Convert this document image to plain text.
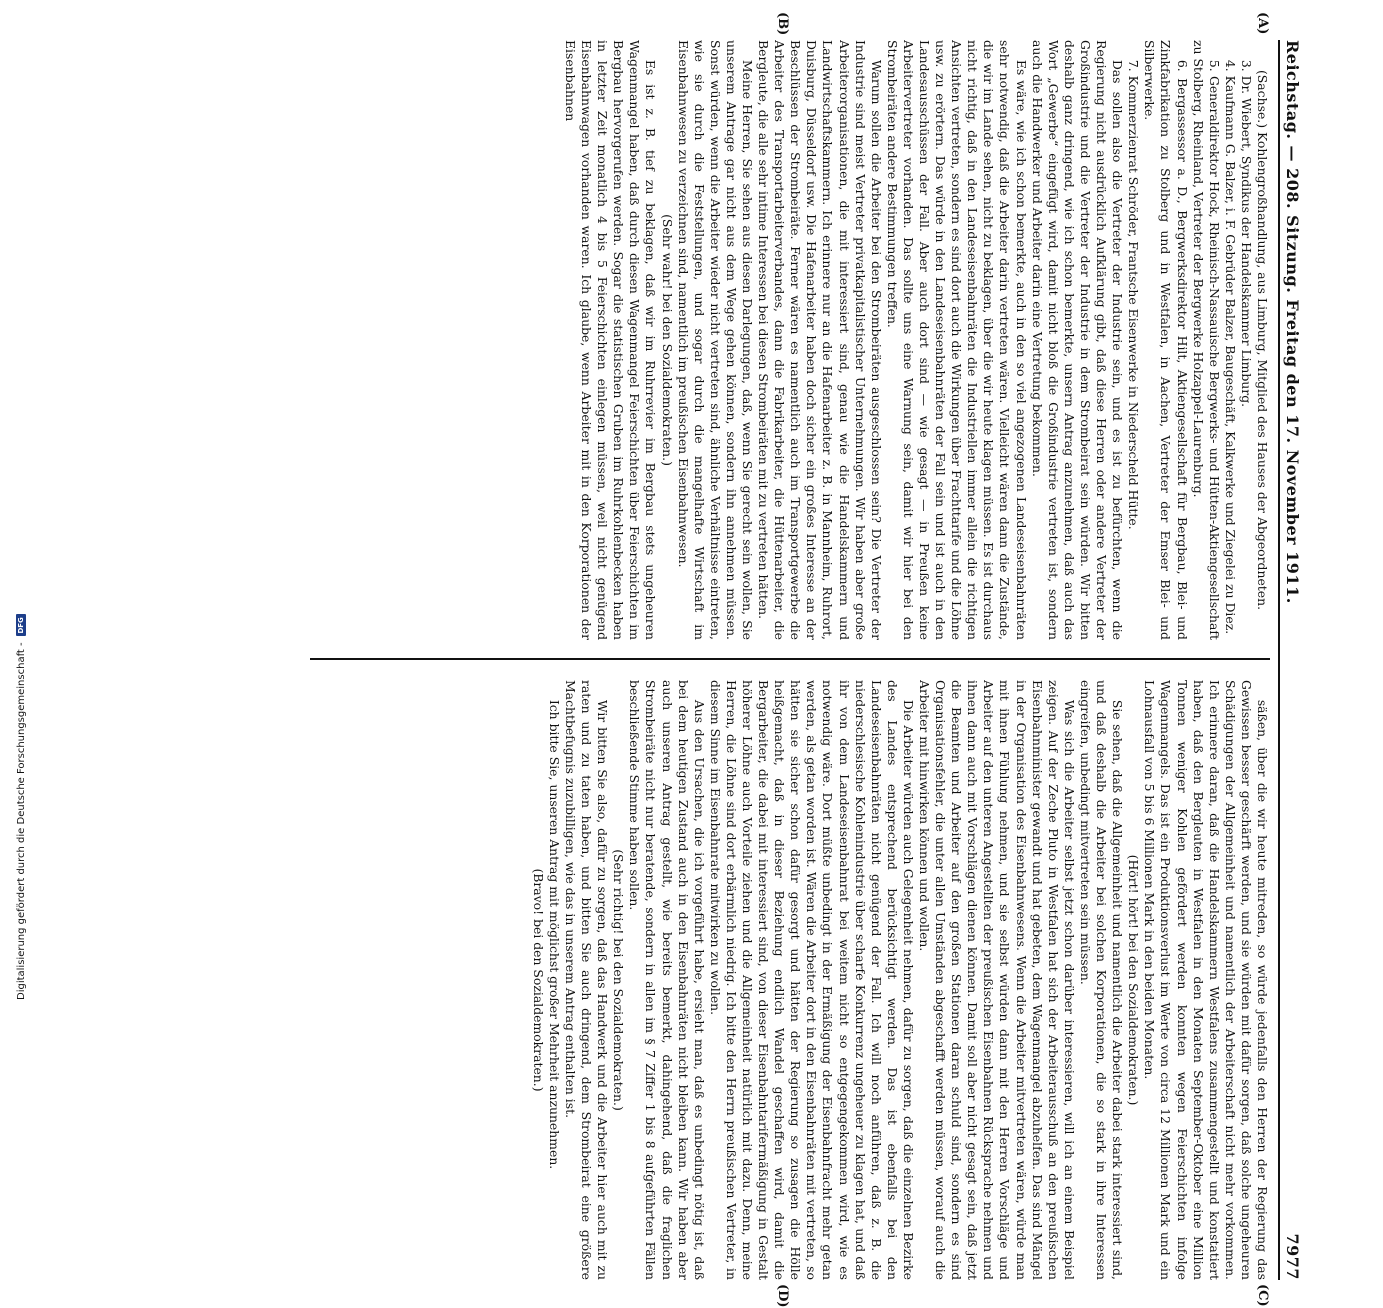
Reichstag. — 208. Sitzung. Freitag den 17. November 1911.
7977

(Sachse.) Kohlengroßhandlung, aus Limburg, Mitglied des Hauses der Abgeordneten.

3. Dr. Wiebert, Syndikus der Handelskammer Limburg.

4. Kaufmann G. Balzer, i. F. Gebrüder Balzer, Baugeschäft, Kalkwerke und Ziegelei zu Diez.

5. Generaldirektor Hock, Rheinisch-Nassauische Bergwerks- und Hütten-Aktiengesellschaft zu Stolberg, Rheinland, Vertreter der Bergwerke Holzappel-Laurenburg.

6. Bergassessor a. D., Bergwerksdirektor Hilt, Aktiengesellschaft für Bergbau, Blei- und Zinkfabrikation zu Stolberg und in Westfalen, in Aachen, Vertreter der Emser Blei- und Silberwerke.

7. Kommerzienrat Schröder, Frantsche Eisenwerke in Niederscheld Hütte.

Das sollen also die Vertreter der Industrie sein, und es ist zu befürchten, wenn die Regierung nicht ausdrücklich Aufklärung gibt, daß diese Herren oder andere Vertreter der Großindustrie und die Vertreter der Industrie in dem Strombeirat sein würden. Wir bitten deshalb ganz dringend, wie ich schon bemerkte, unsern Antrag anzunehmen, daß auch das Wort „Gewerbe“ eingefügt wird, damit nicht bloß die Großindustrie vertreten ist, sondern auch die Handwerker und Arbeiter darin eine Vertretung bekommen.

Es wäre, wie ich schon bemerkte, auch in den so viel angezogenen Landeseisenbahnräten sehr notwendig, daß die Arbeiter darin vertreten wären. Vielleicht wären dann die Zustände, die wir im Lande sehen, nicht zu beklagen, über die wir heute klagen müssen. Es ist durchaus nicht richtig, daß in den Landeseisenbahnräten die Industriellen immer allein die richtigen Ansichten vertreten, sondern es sind dort auch die Wirkungen über Frachttarife und die Löhne usw. zu erörtern. Das würde in den Landeseisenbahnräten der Fall sein und ist auch in den Landesausschüssen der Fall. Aber auch dort sind — wie gesagt — in Preußen keine Arbeitervertreter vorhanden. Das sollte uns eine Warnung sein, damit wir hier bei den Strombeiräten andere Bestimmungen treffen.

Warum sollen die Arbeiter bei den Strombeiräten ausgeschlossen sein? Die Vertreter der Industrie sind meist Vertreter privatkapitalistischer Unternehmungen. Wir haben aber große Arbeiterorganisationen, die mit interessiert sind, genau wie die Handelskammern und Landwirtschaftskammern. Ich erinnere nur an die Hafenarbeiter z. B. in Mannheim, Ruhrort, Duisburg, Düsseldorf usw. Die Hafenarbeiter haben doch sicher ein großes Interesse an der Beschlüssen der Strombeiräte. Ferner wären es namentlich auch im Transportgewerbe die Arbeiter des Transportarbeiterverbandes, dann die Fabrikarbeiter, die Hüttenarbeiter, die Bergleute, die alle sehr intime Interessen bei diesen Strombeiräten mit zu vertreten hätten.

Meine Herren, Sie sehen aus diesen Darlegungen, daß, wenn Sie gerecht sein wollen, Sie unserem Antrage gar nicht aus dem Wege gehen können, sondern ihn annehmen müssen. Sonst würden, wenn die Arbeiter wieder nicht vertreten sind, ähnliche Verhältnisse eintreten, wie sie durch die Feststellungen, und sogar durch die mangelhafte Wirtschaft im Eisenbahnwesen zu verzeichnen sind, namentlich im preußischen Eisenbahnwesen.

(Sehr wahr! bei den Sozialdemokraten.)

Es ist z. B. tief zu beklagen, daß wir im Ruhrrevier im Bergbau stets ungeheuren Wagenmangel haben, daß durch diesen Wagenmangel Feierschichten über Feierschichten im Bergbau hervorgerufen werden. Sogar die statistischen Gruben im Ruhrkohlenbecken haben in letzter Zeit monatlich 4 bis 5 Feierschichten einlegen müssen, weil nicht genügend Eisenbahnwagen vorhanden waren. Ich glaube, wenn Arbeiter mit in den Korporationen der Eisenbahnen

säßen, über die wir heute mitreden, so würde jedenfalls den Herren der Regierung das Gewissen besser geschärft werden, und sie würden mit dafür sorgen, daß solche ungeheuren Schädigungen der Allgemeinheit und namentlich der Arbeiterschaft nicht mehr vorkommen. Ich erinnere daran, daß die Handelskammern Westfalens zusammengestellt und konstatiert haben, daß den Bergleuten in Westfalen in den Monaten September-Oktober eine Million Tonnen weniger Kohlen gefördert werden konnten wegen Feierschichten infolge Wagenmangels. Das ist ein Produktionsverlust im Werte von circa 12 Millionen Mark und ein Lohnausfall von 5 bis 6 Millionen Mark in den beiden Monaten.

(Hört! hört! bei den Sozialdemokraten.)

Sie sehen, daß die Allgemeinheit und namentlich die Arbeiter dabei stark interessiert sind, und daß deshalb die Arbeiter bei solchen Korporationen, die so stark in ihre Interessen eingreifen, unbedingt mitvertreten sein müssen.

Was sich die Arbeiter selbst jetzt schon darüber interessieren, will ich an einem Beispiel zeigen. Auf der Zeche Pluto in Westfalen hat sich der Arbeiterausschuß an den preußischen Eisenbahnminister gewandt und hat gebeten, dem Wagenmangel abzuhelfen. Das sind Mängel in der Organisation des Eisenbahnwesens. Wenn die Arbeiter mitvertreten wären, würde man mit ihnen Fühlung nehmen, und sie selbst würden dann mit den Herren Vorschläge und Arbeiter auf den unteren Angestellten der preußischen Eisenbahnen Rücksprache nehmen und ihnen dann auch mit Vorschlägen dienen können. Damit soll aber nicht gesagt sein, daß jetzt die Beamten und Arbeiter auf den großen Stationen daran schuld sind, sondern es sind Organisationsfehler, die unter allen Umständen abgeschafft werden müssen, worauf auch die Arbeiter mit hinwirken können und wollen.

Die Arbeiter würden auch Gelegenheit nehmen, dafür zu sorgen, daß die einzelnen Bezirke des Landes entsprechend berücksichtigt werden. Das ist ebenfalls bei den Landeseisenbahnräten nicht genügend der Fall. Ich will noch anführen, daß z. B. die niederschlesische Kohlenindustrie über scharfe Konkurrenz ungeheuer zu klagen hat, und daß ihr von dem Landeseisenbahnrat bei weitem nicht so entgegengekommen wird, wie es notwendig wäre. Dort müßte unbedingt in der Ermäßigung der Eisenbahnfracht mehr getan werden, als getan worden ist. Wären die Arbeiter dort in den Eisenbahnräten mit vertreten, so hätten sie sicher schon dafür gesorgt und hätten der Regierung so zusagen die Hölle heißgemacht, daß in dieser Beziehung endlich Wandel geschaffen wird, damit die Bergarbeiter, die dabei mit interessiert sind, von dieser Eisenbahntarifermäßigung in Gestalt höherer Löhne auch Vorteile ziehen und die Allgemeinheit natürlich mit dazu. Denn, meine Herren, die Löhne sind dort erbärmlich niedrig. Ich bitte den Herrn preußischen Vertreter, in diesem Sinne im Eisenbahnrate mitwirken zu wollen.

Aus den Ursachen, die ich vorgeführt habe, ersieht man, daß es unbedingt nötig ist, daß bei dem heutigen Zustand auch in den Eisenbahnräten nicht bleiben kann. Wir haben aber auch unseren Antrag gestellt, wie bereits bemerkt, dahingehend, daß die fraglichen Strombeiräte nicht nur beratende, sondern in allen im § 7 Ziffer 1 bis 8 aufgeführten Fällen beschließende Stimme haben sollen.

(Sehr richtig! bei den Sozialdemokraten.)

Wir bitten Sie also, dafür zu sorgen, daß das Handwerk und die Arbeiter hier auch mit zu raten und zu taten haben, und bitten Sie auch dringend, dem Strombeirat eine größere Machtbefugnis zuzubilligen, wie das in unserem Antrag enthalten ist.

Ich bitte Sie, unseren Antrag mit möglichst großer Mehrheit anzunehmen.

(Bravo! bei den Sozialdemokraten.)

(A)
(B)
(C)
(D)
Digitalisierung gefördert durch die Deutsche Forschungsgemeinschaft -
DFG
